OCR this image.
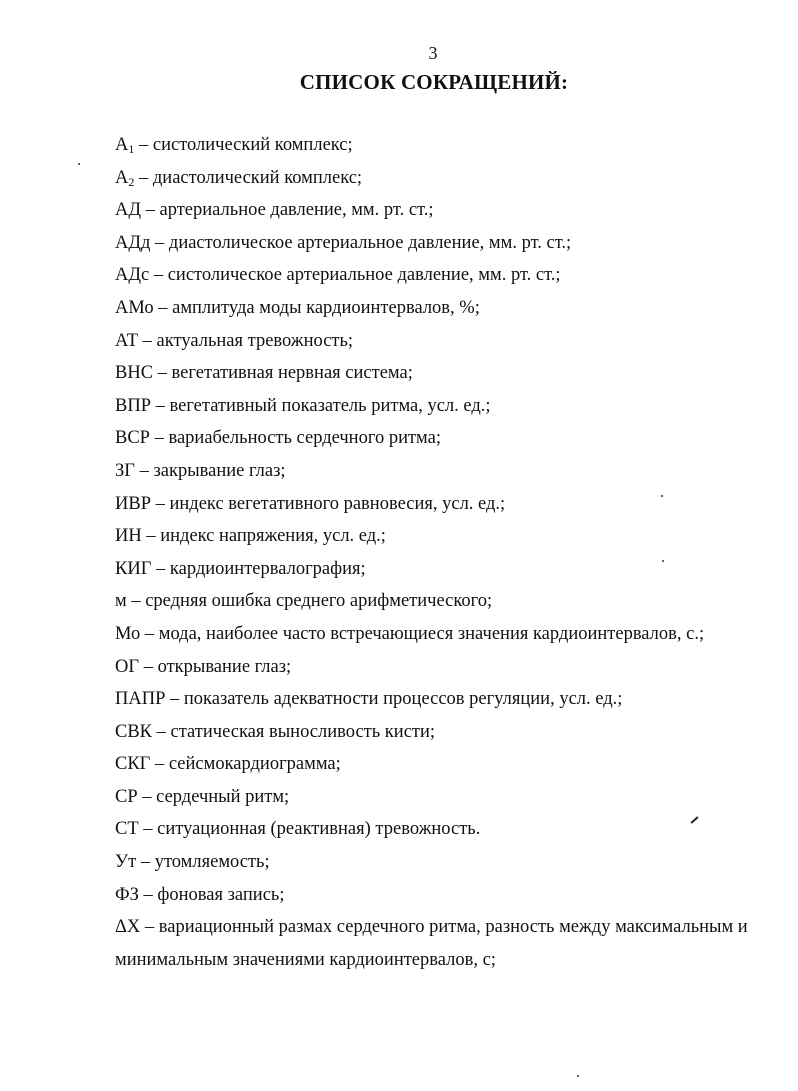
3
СПИСОК СОКРАЩЕНИЙ:
$А_1$ – систолический комплекс;
$А_2$ – диастолический комплекс;
АД – артериальное давление, мм. рт. ст.;
АДд – диастолическое артериальное давление, мм. рт. ст.;
АДс – систолическое артериальное давление, мм. рт. ст.;
АМо – амплитуда моды кардиоинтервалов, %;
АТ – актуальная тревожность;
ВНС – вегетативная нервная система;
ВПР – вегетативный показатель ритма, усл. ед.;
ВСР – вариабельность сердечного ритма;
ЗГ – закрывание глаз;
ИВР – индекс вегетативного равновесия, усл. ед.;
ИН – индекс напряжения, усл. ед.;
КИГ – кардиоинтервалография;
м – средняя ошибка среднего арифметического;
Мо – мода, наиболее часто встречающиеся значения кардиоинтервалов, с.;
ОГ – открывание глаз;
ПАПР – показатель адекватности процессов регуляции, усл. ед.;
СВК – статическая выносливость кисти;
СКГ – сейсмокардиограмма;
СР – сердечный ритм;
СТ – ситуационная (реактивная) тревожность.
Ут – утомляемость;
ФЗ – фоновая запись;
ΔХ – вариационный размах сердечного ритма, разность между максимальным и минимальным значениями кардиоинтервалов, с;
